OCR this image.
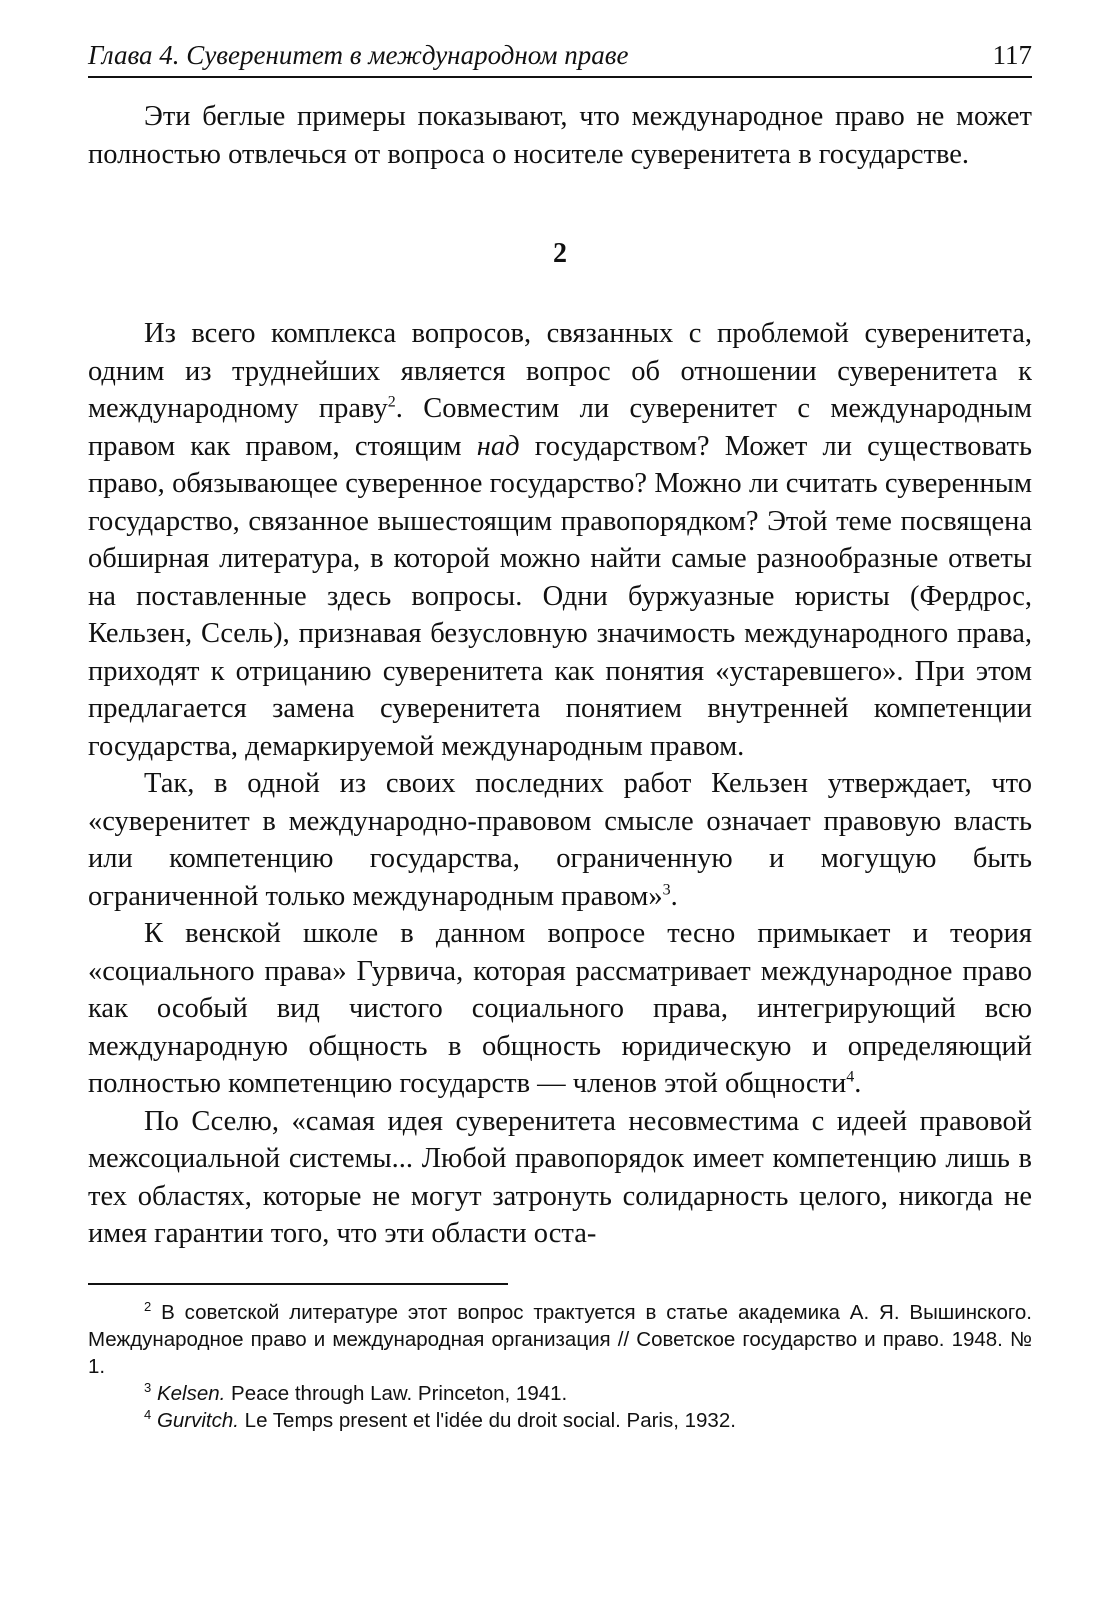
Глава 4. Суверенитет в международном праве	117

Эти беглые примеры показывают, что международное право не может полностью отвлечься от вопроса о носителе суверенитета в государстве.

2

Из всего комплекса вопросов, связанных с проблемой суверенитета, одним из труднейших является вопрос об отношении суверенитета к международному праву$^2$. Совместим ли суверенитет с международным правом как правом, стоящим над государством? Может ли существовать право, обязывающее суверенное государство? Можно ли считать суверенным государство, связанное вышестоящим правопорядком? Этой теме посвящена обширная литература, в которой можно найти самые разнообразные ответы на поставленные здесь вопросы. Одни буржуазные юристы (Фердрос, Кельзен, Ссель), признавая безусловную значимость международного права, приходят к отрицанию суверенитета как понятия «устаревшего». При этом предлагается замена суверенитета понятием внутренней компетенции государства, демаркируемой международным правом.

Так, в одной из своих последних работ Кельзен утверждает, что «суверенитет в международно-правовом смысле означает правовую власть или компетенцию государства, ограниченную и могущую быть ограниченной только международным правом»$^3$.

К венской школе в данном вопросе тесно примыкает и теория «социального права» Гурвича, которая рассматривает международное право как особый вид чистого социального права, интегрирующий всю международную общность в общность юридическую и определяющий полностью компетенцию государств — членов этой общности$^4$.

По Сселю, «самая идея суверенитета несовместима с идеей правовой межсоциальной системы... Любой правопорядок имеет компетенцию лишь в тех областях, которые не могут затронуть солидарность целого, никогда не имея гарантии того, что эти области оста-

$^2$ В советской литературе этот вопрос трактуется в статье академика А. Я. Вышинского. Международное право и международная организация // Советское государство и право. 1948. № 1.

$^3$ Kelsen. Peace through Law. Princeton, 1941.

$^4$ Gurvitch. Le Temps present et l'idée du droit social. Paris, 1932.
